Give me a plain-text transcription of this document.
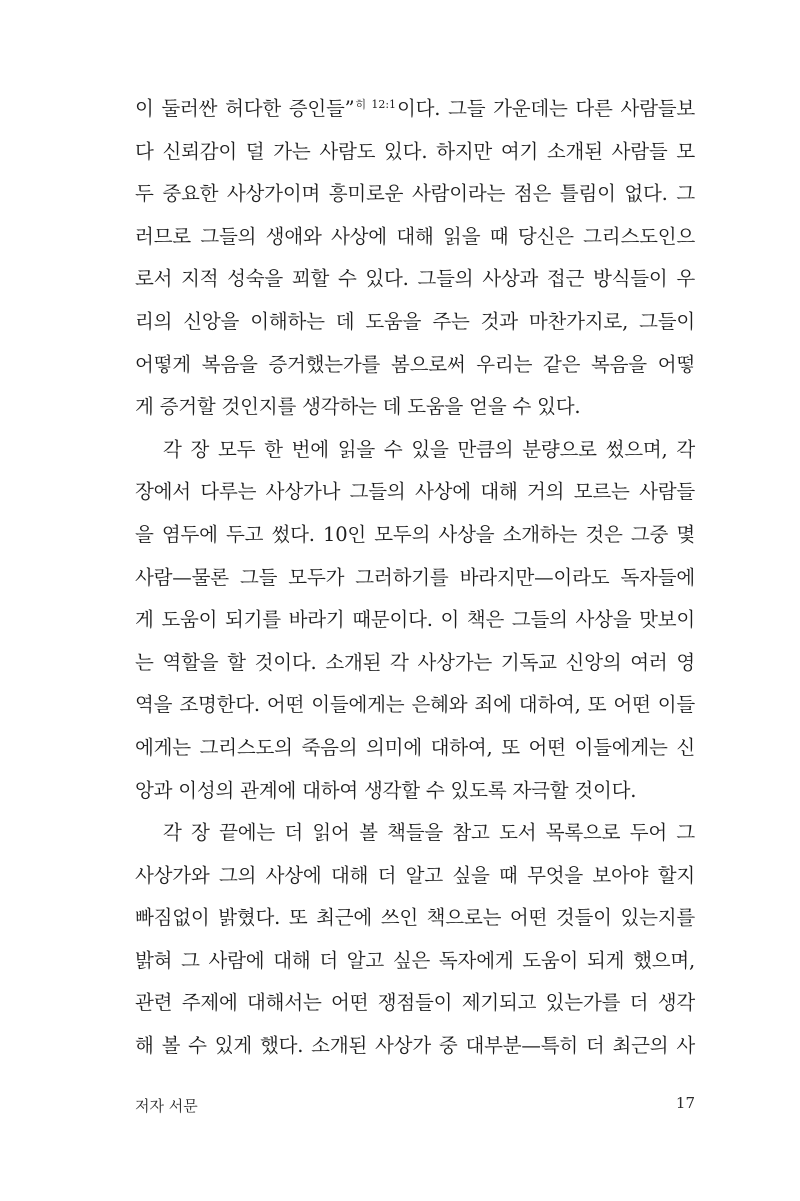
이 둘러싼 허다한 증인들”$^{히 12:1}$이다. 그들 가운데는 다른 사람들보
다 신뢰감이 덜 가는 사람도 있다. 하지만 여기 소개된 사람들 모
두 중요한 사상가이며 흥미로운 사람이라는 점은 틀림이 없다. 그
러므로 그들의 생애와 사상에 대해 읽을 때 당신은 그리스도인으
로서 지적 성숙을 꾀할 수 있다. 그들의 사상과 접근 방식들이 우
리의 신앙을 이해하는 데 도움을 주는 것과 마찬가지로, 그들이
어떻게 복음을 증거했는가를 봄으로써 우리는 같은 복음을 어떻
게 증거할 것인지를 생각하는 데 도움을 얻을 수 있다.
각 장 모두 한 번에 읽을 수 있을 만큼의 분량으로 썼으며, 각
장에서 다루는 사상가나 그들의 사상에 대해 거의 모르는 사람들
을 염두에 두고 썼다. 10인 모두의 사상을 소개하는 것은 그중 몇
사람—물론 그들 모두가 그러하기를 바라지만—이라도 독자들에
게 도움이 되기를 바라기 때문이다. 이 책은 그들의 사상을 맛보이
는 역할을 할 것이다. 소개된 각 사상가는 기독교 신앙의 여러 영
역을 조명한다. 어떤 이들에게는 은혜와 죄에 대하여, 또 어떤 이들
에게는 그리스도의 죽음의 의미에 대하여, 또 어떤 이들에게는 신
앙과 이성의 관계에 대하여 생각할 수 있도록 자극할 것이다.
각 장 끝에는 더 읽어 볼 책들을 참고 도서 목록으로 두어 그
사상가와 그의 사상에 대해 더 알고 싶을 때 무엇을 보아야 할지
빠짐없이 밝혔다. 또 최근에 쓰인 책으로는 어떤 것들이 있는지를
밝혀 그 사람에 대해 더 알고 싶은 독자에게 도움이 되게 했으며,
관련 주제에 대해서는 어떤 쟁점들이 제기되고 있는가를 더 생각
해 볼 수 있게 했다. 소개된 사상가 중 대부분—특히 더 최근의 사
저자 서문	17
